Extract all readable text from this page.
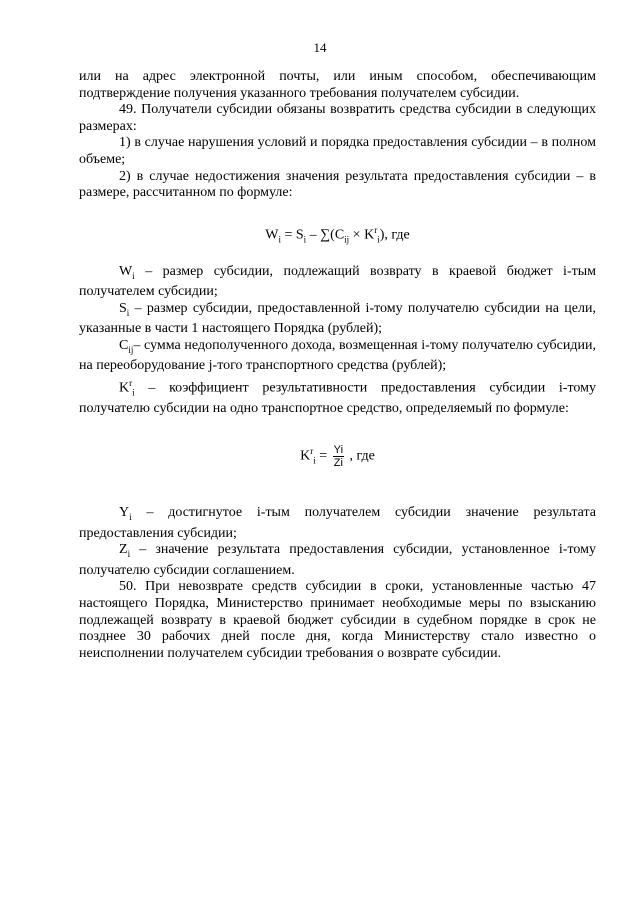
14

или на адрес электронной почты, или иным способом, обеспечивающим подтверждение получения указанного требования получателем субсидии.

49. Получатели субсидии обязаны возвратить средства субсидии в следующих размерах:

1) в случае нарушения условий и порядка предоставления субсидии – в полном объеме;

2) в случае недостижения значения результата предоставления субсидии – в размере, рассчитанном по формуле:

$W_i = S_i - \sum(C_{ij} \times K^r_i)$, где

$W_i$ – размер субсидии, подлежащий возврату в краевой бюджет i-тым получателем субсидии;

$S_i$ – размер субсидии, предоставленной i-тому получателю субсидии на цели, указанные в части 1 настоящего Порядка (рублей);

$C_{ij}-$ сумма недополученного дохода, возмещенная i-тому получателю субсидии, на переоборудование j-того транспортного средства (рублей);

$K^r_i$ – коэффициент результативности предоставления субсидии i-тому получателю субсидии на одно транспортное средство, определяемый по формуле:

$K^r_i = \frac{Yi}{Zi}$ , где

$Y_i$ – достигнутое i-тым получателем субсидии значение результата предоставления субсидии;

$Z_i$ – значение результата предоставления субсидии, установленное i-тому получателю субсидии соглашением.

50. При невозврате средств субсидии в сроки, установленные частью 47 настоящего Порядка, Министерство принимает необходимые меры по взысканию подлежащей возврату в краевой бюджет субсидии в судебном порядке в срок не позднее 30 рабочих дней после дня, когда Министерству стало известно о неисполнении получателем субсидии требования о возврате субсидии.
